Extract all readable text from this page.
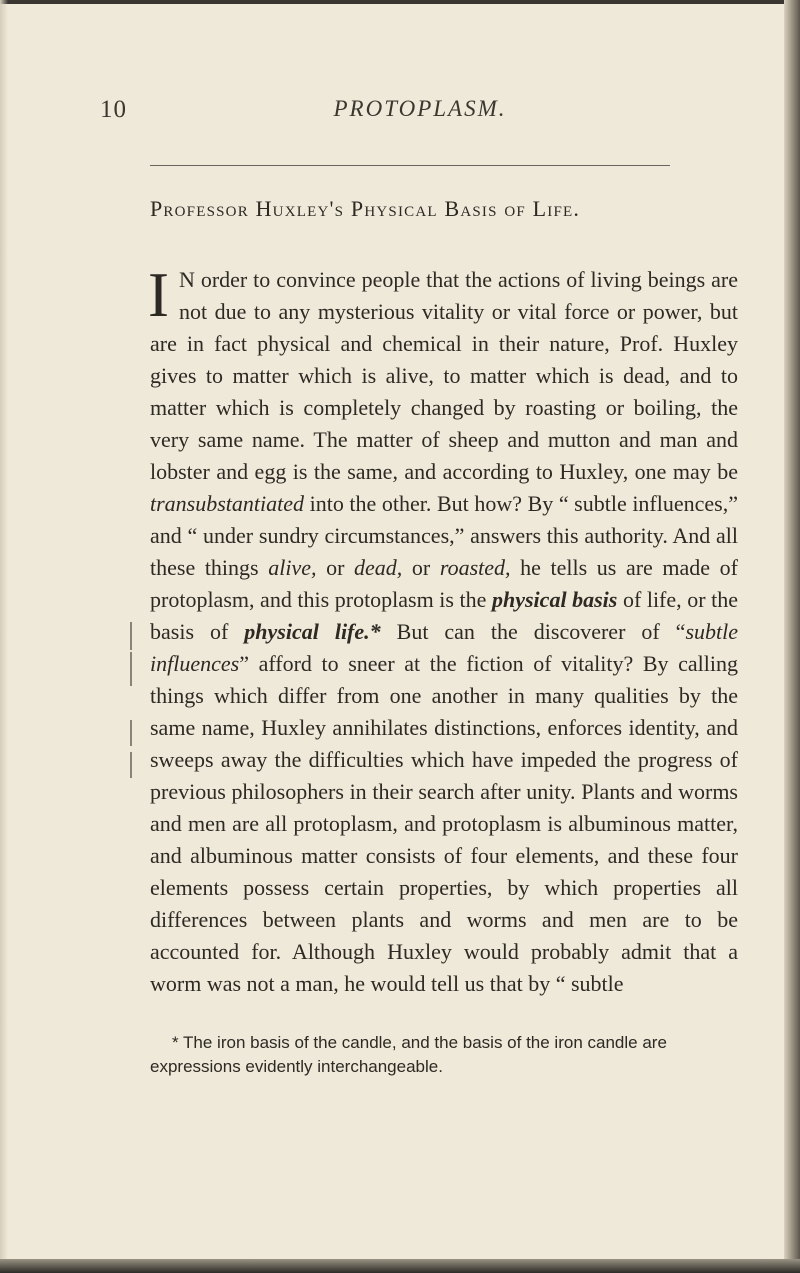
10	PROTOPLASM.
Professor Huxley's Physical Basis of Life.

I N order to convince people that the actions of living beings are not due to any mysterious vitality or vital force or power, but are in fact physical and chemical in their nature, Prof. Huxley gives to matter which is alive, to matter which is dead, and to matter which is completely changed by roasting or boiling, the very same name. The matter of sheep and mutton and man and lobster and egg is the same, and according to Huxley, one may be transubstantiated into the other. But how? By “ subtle influences,” and “ under sundry circumstances,” answers this authority. And all these things alive, or dead, or roasted, he tells us are made of protoplasm, and this protoplasm is the physical basis of life, or the basis of physical life.* But can the discoverer of “subtle influences” afford to sneer at the fiction of vitality? By calling things which differ from one another in many qualities by the same name, Huxley annihilates distinctions, enforces identity, and sweeps away the difficulties which have impeded the progress of previous philosophers in their search after unity. Plants and worms and men are all protoplasm, and protoplasm is albuminous matter, and albuminous matter consists of four elements, and these four elements possess certain properties, by which properties all differences between plants and worms and men are to be accounted for. Although Huxley would probably admit that a worm was not a man, he would tell us that by “ subtle

* The iron basis of the candle, and the basis of the iron candle are expressions evidently interchangeable.
